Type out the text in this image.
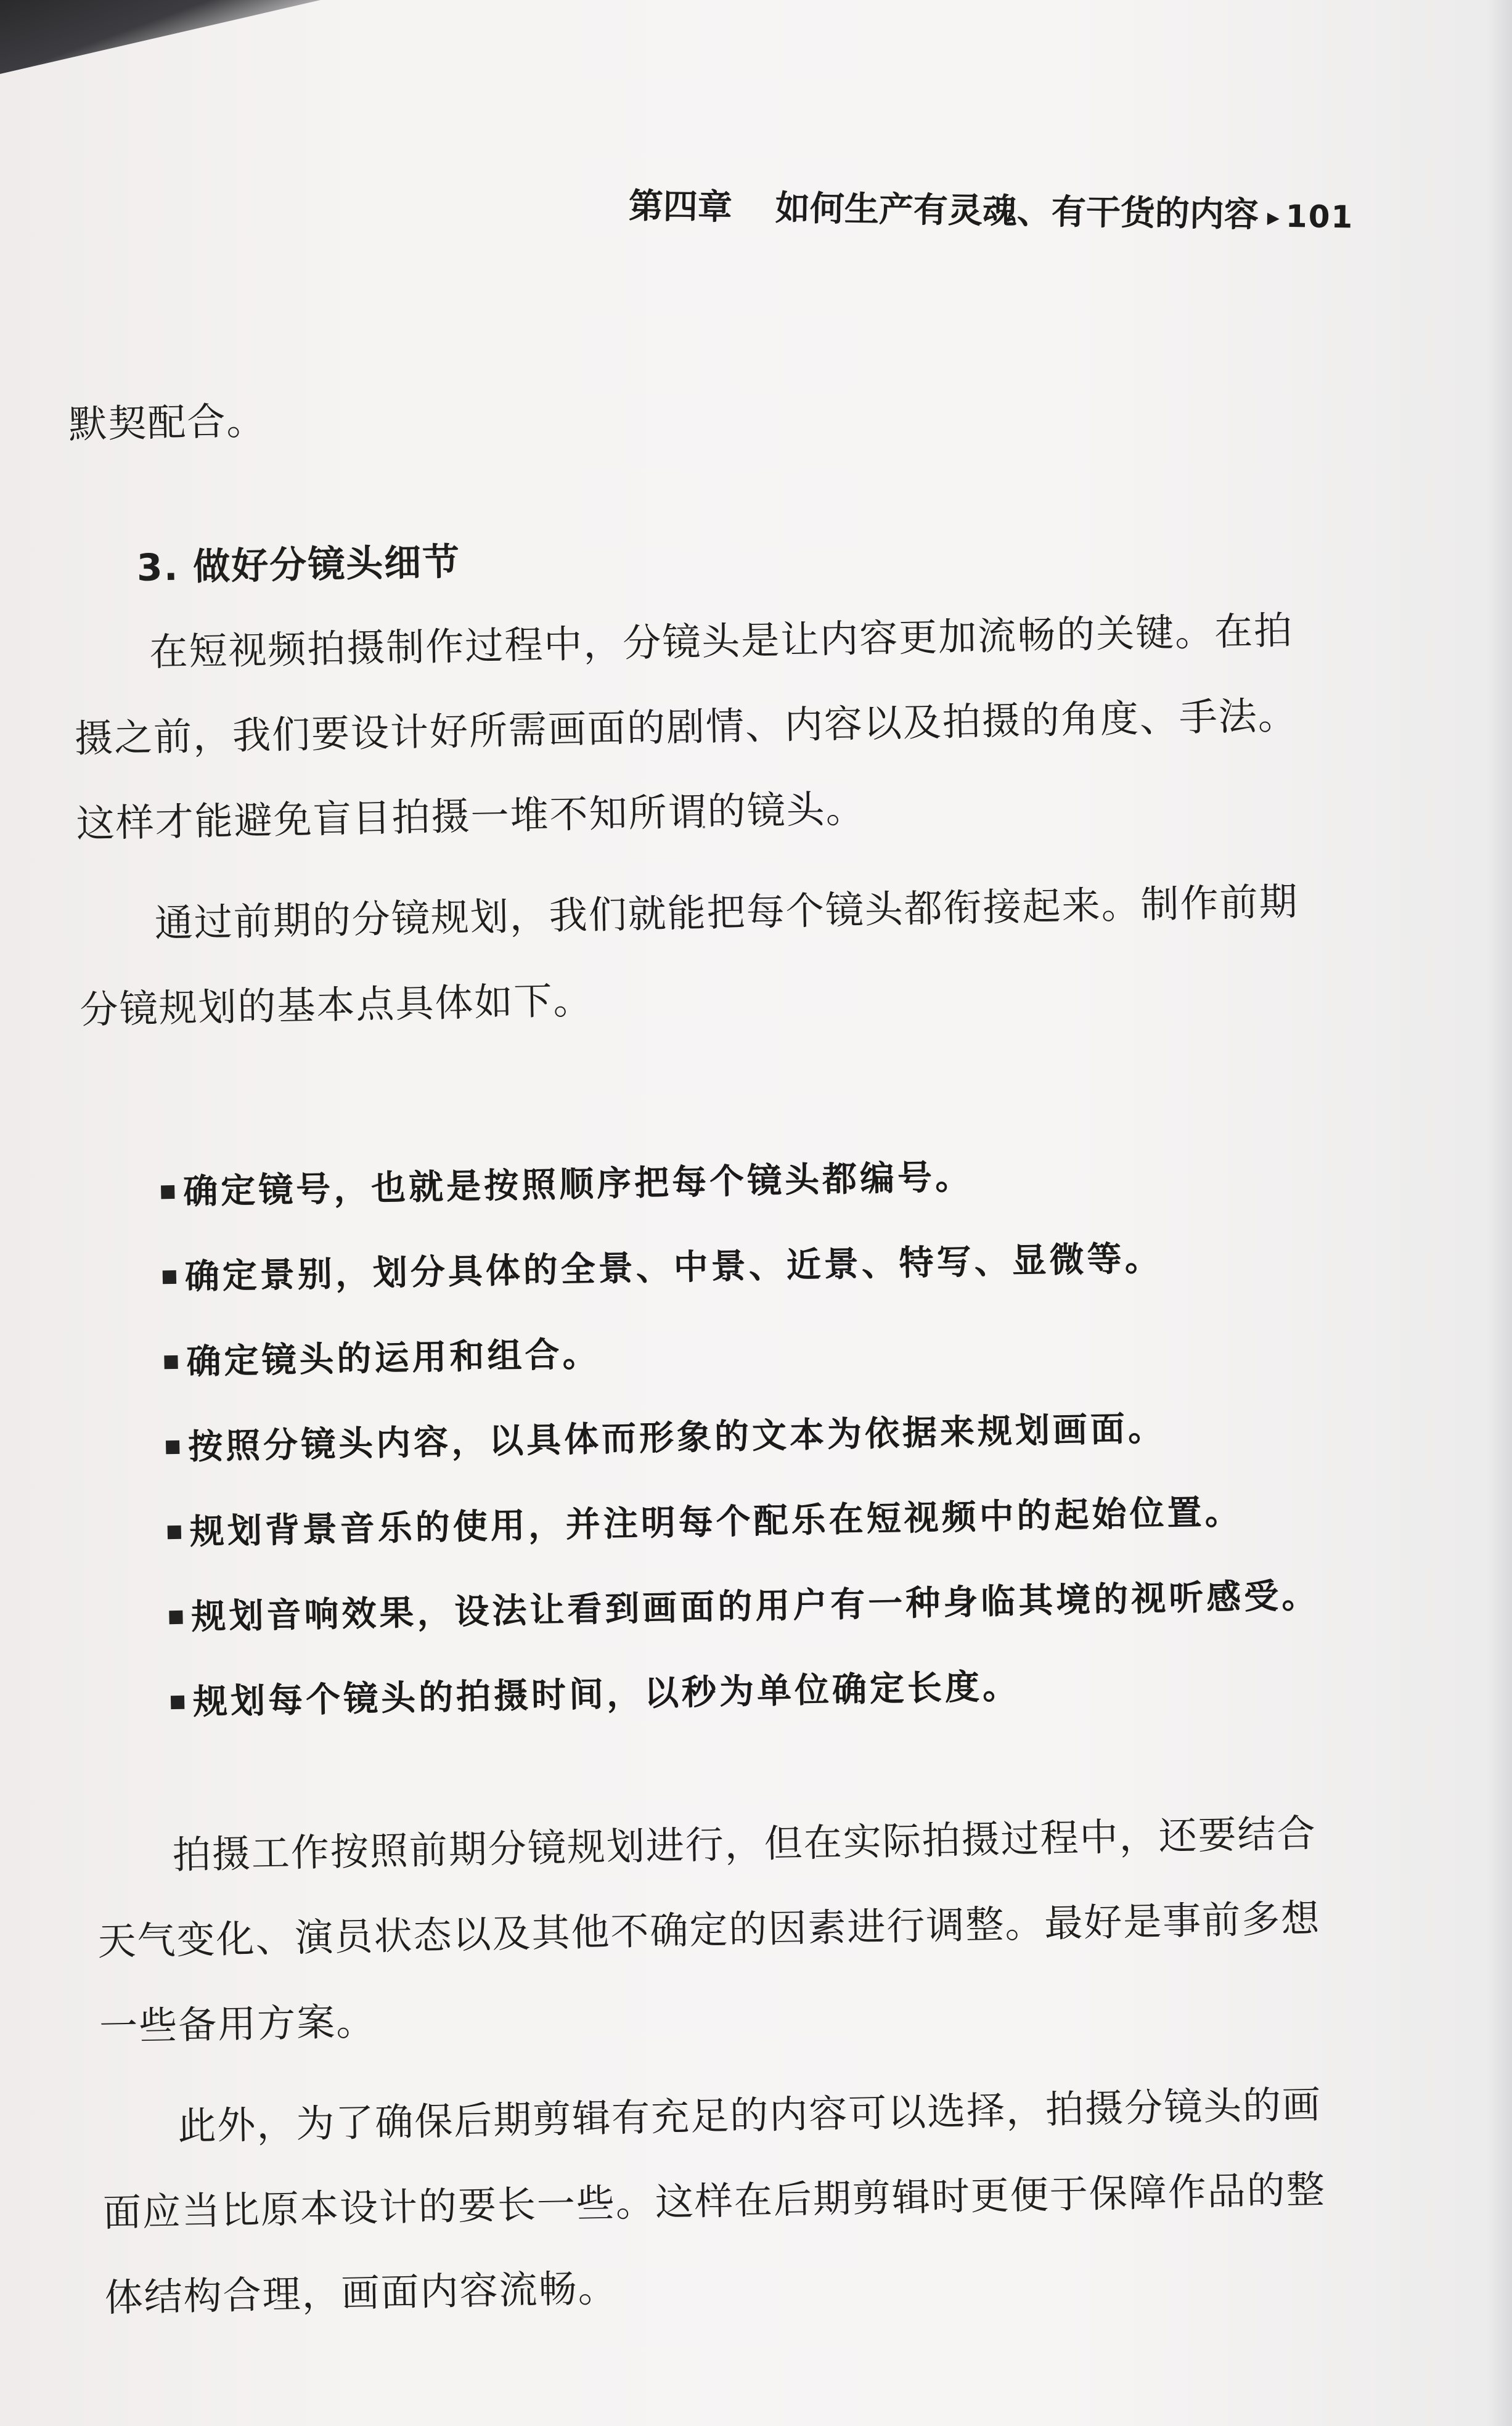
第四章 如何生产有灵魂、有干货的内容 ▸ 101

默契配合。

3. 做好分镜头细节

在短视频拍摄制作过程中，分镜头是让内容更加流畅的关键。在拍摄之前，我们要设计好所需画面的剧情、内容以及拍摄的角度、手法。这样才能避免盲目拍摄一堆不知所谓的镜头。

通过前期的分镜规划，我们就能把每个镜头都衔接起来。制作前期分镜规划的基本点具体如下。

确定镜号，也就是按照顺序把每个镜头都编号。
确定景别，划分具体的全景、中景、近景、特写、显微等。
确定镜头的运用和组合。
按照分镜头内容，以具体而形象的文本为依据来规划画面。
规划背景音乐的使用，并注明每个配乐在短视频中的起始位置。
规划音响效果，设法让看到画面的用户有一种身临其境的视听感受。
规划每个镜头的拍摄时间，以秒为单位确定长度。

拍摄工作按照前期分镜规划进行，但在实际拍摄过程中，还要结合天气变化、演员状态以及其他不确定的因素进行调整。最好是事前多想一些备用方案。

此外，为了确保后期剪辑有充足的内容可以选择，拍摄分镜头的画面应当比原本设计的要长一些。这样在后期剪辑时更便于保障作品的整体结构合理，画面内容流畅。
